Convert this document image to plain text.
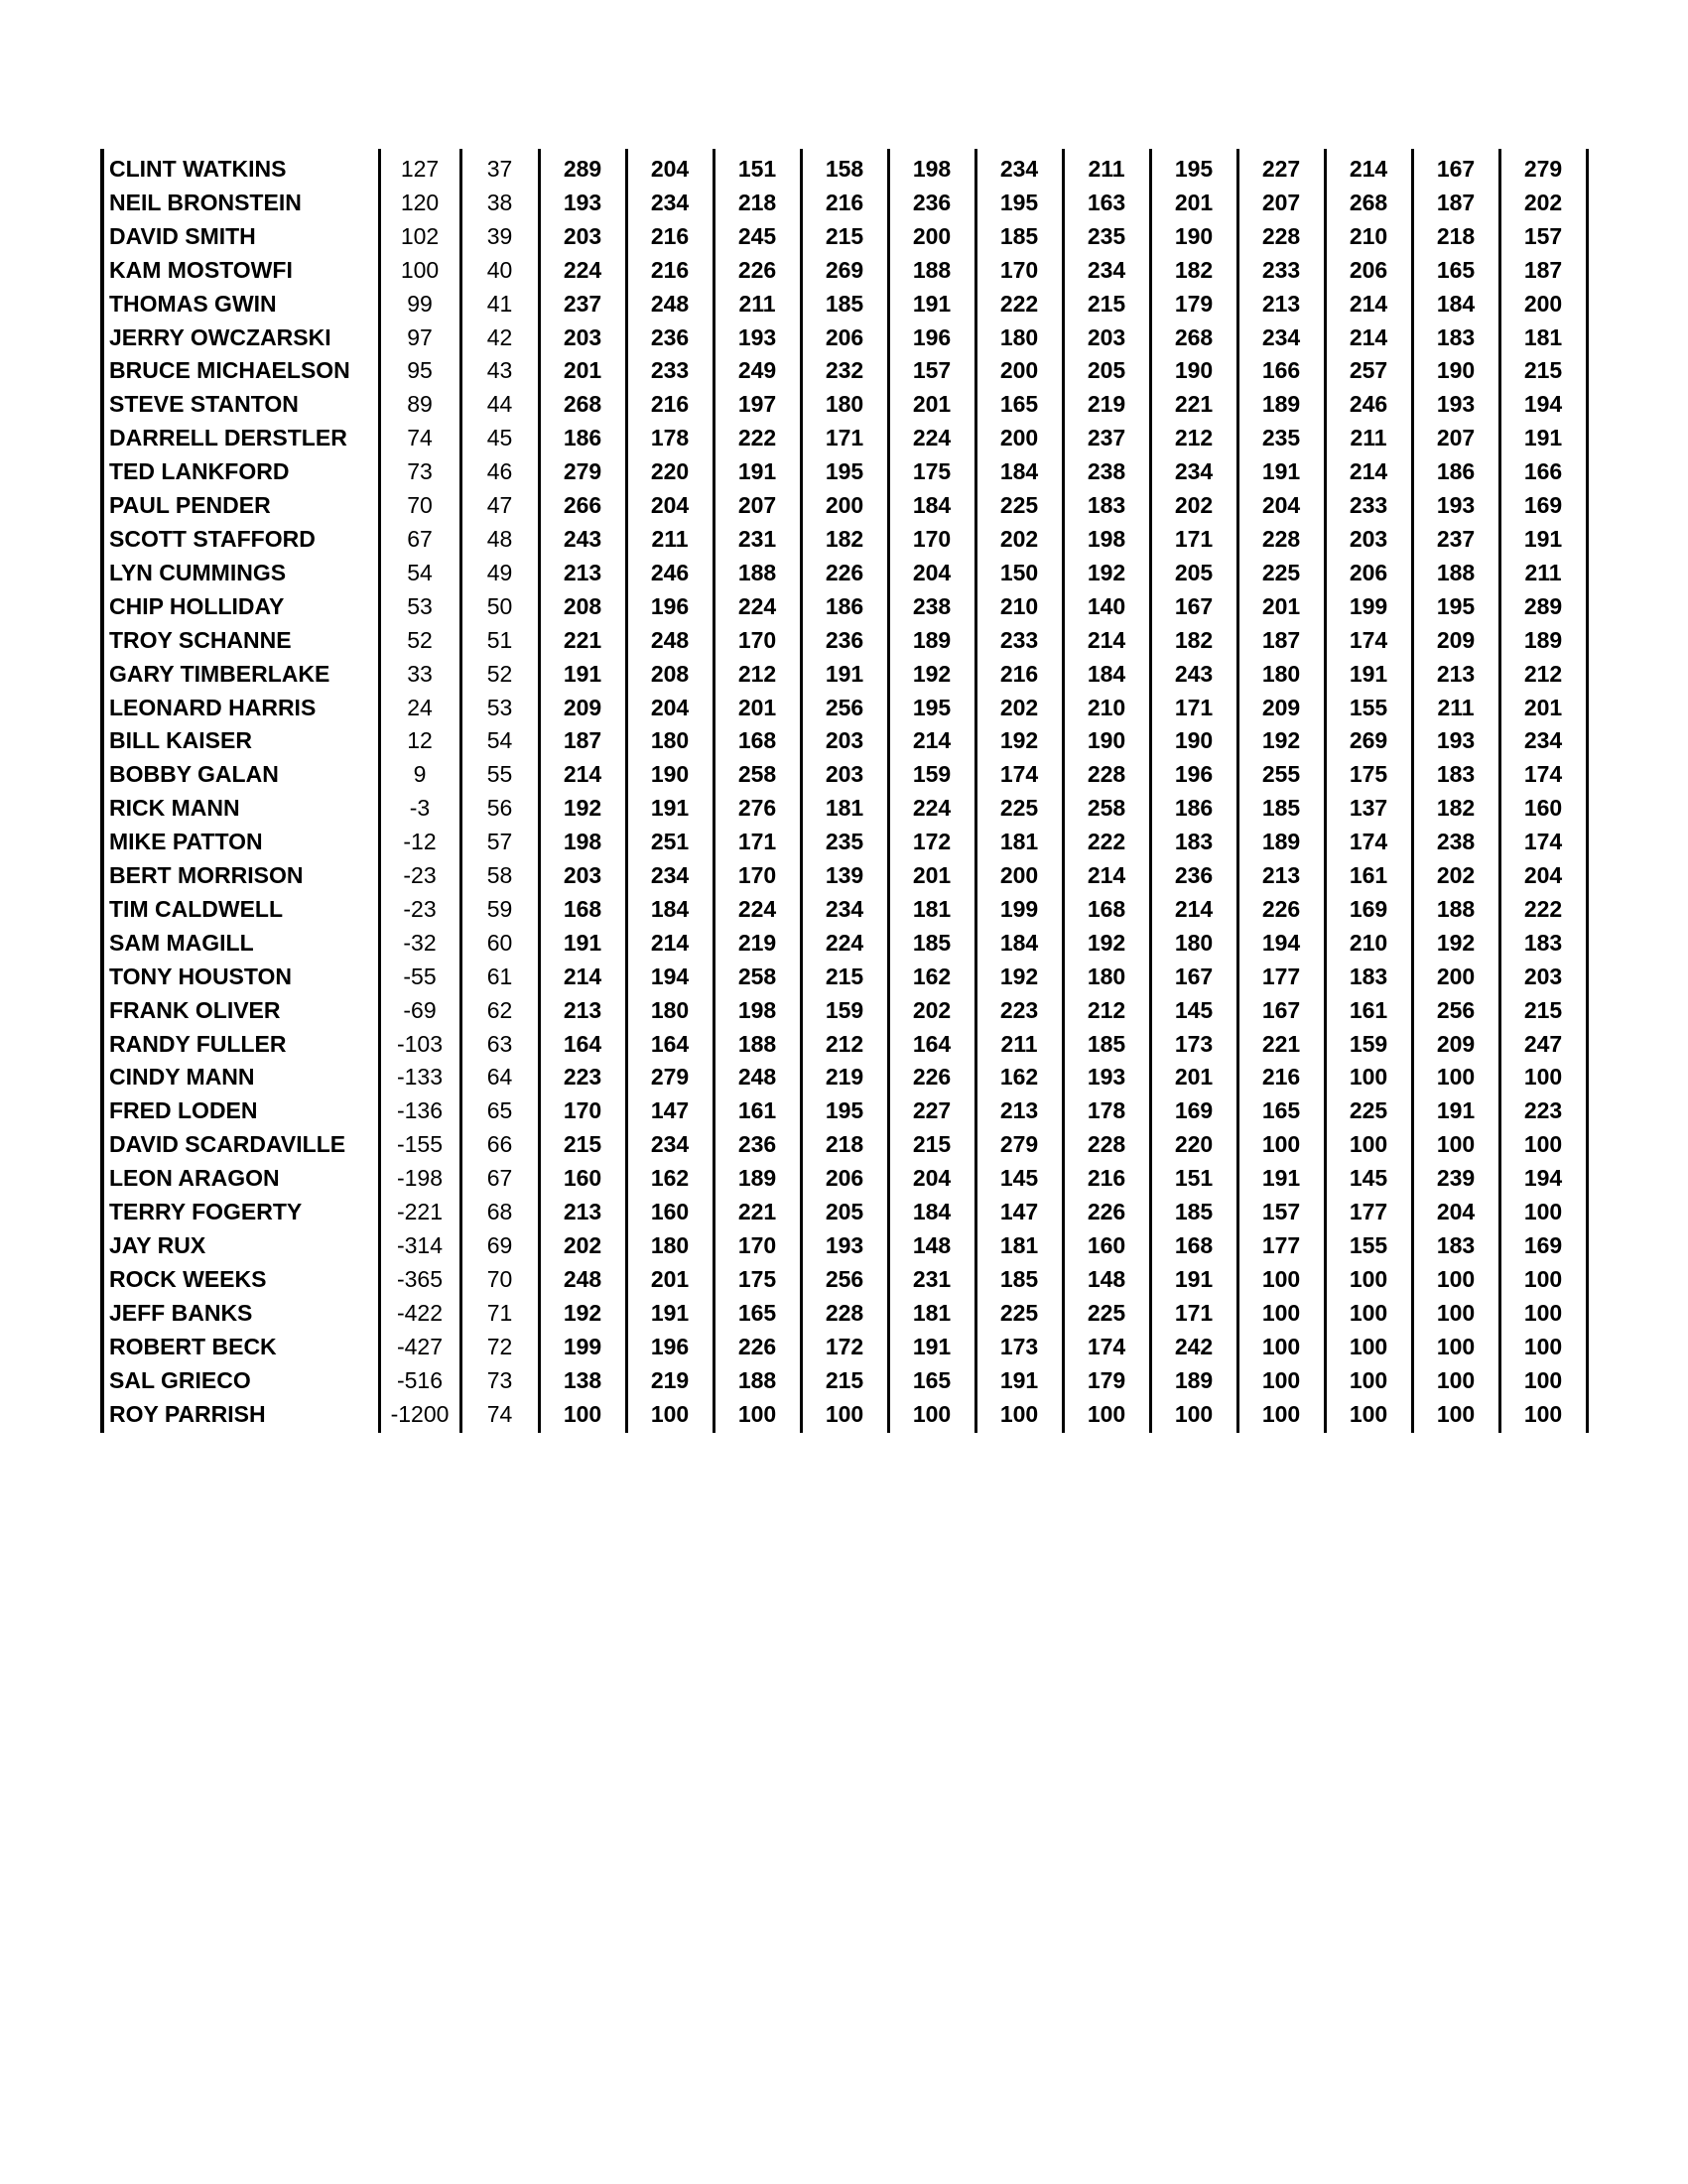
CLINT WATKINS	127	37	289	204	151	158	198	234	211	195	227	214	167	279
NEIL BRONSTEIN	120	38	193	234	218	216	236	195	163	201	207	268	187	202
DAVID SMITH	102	39	203	216	245	215	200	185	235	190	228	210	218	157
KAM MOSTOWFI	100	40	224	216	226	269	188	170	234	182	233	206	165	187
THOMAS GWIN	99	41	237	248	211	185	191	222	215	179	213	214	184	200
JERRY OWCZARSKI	97	42	203	236	193	206	196	180	203	268	234	214	183	181
BRUCE MICHAELSON	95	43	201	233	249	232	157	200	205	190	166	257	190	215
STEVE STANTON	89	44	268	216	197	180	201	165	219	221	189	246	193	194
DARRELL DERSTLER	74	45	186	178	222	171	224	200	237	212	235	211	207	191
TED LANKFORD	73	46	279	220	191	195	175	184	238	234	191	214	186	166
PAUL PENDER	70	47	266	204	207	200	184	225	183	202	204	233	193	169
SCOTT STAFFORD	67	48	243	211	231	182	170	202	198	171	228	203	237	191
LYN CUMMINGS	54	49	213	246	188	226	204	150	192	205	225	206	188	211
CHIP HOLLIDAY	53	50	208	196	224	186	238	210	140	167	201	199	195	289
TROY SCHANNE	52	51	221	248	170	236	189	233	214	182	187	174	209	189
GARY TIMBERLAKE	33	52	191	208	212	191	192	216	184	243	180	191	213	212
LEONARD HARRIS	24	53	209	204	201	256	195	202	210	171	209	155	211	201
BILL KAISER	12	54	187	180	168	203	214	192	190	190	192	269	193	234
BOBBY GALAN	9	55	214	190	258	203	159	174	228	196	255	175	183	174
RICK MANN	-3	56	192	191	276	181	224	225	258	186	185	137	182	160
MIKE PATTON	-12	57	198	251	171	235	172	181	222	183	189	174	238	174
BERT MORRISON	-23	58	203	234	170	139	201	200	214	236	213	161	202	204
TIM CALDWELL	-23	59	168	184	224	234	181	199	168	214	226	169	188	222
SAM MAGILL	-32	60	191	214	219	224	185	184	192	180	194	210	192	183
TONY HOUSTON	-55	61	214	194	258	215	162	192	180	167	177	183	200	203
FRANK OLIVER	-69	62	213	180	198	159	202	223	212	145	167	161	256	215
RANDY FULLER	-103	63	164	164	188	212	164	211	185	173	221	159	209	247
CINDY MANN	-133	64	223	279	248	219	226	162	193	201	216	100	100	100
FRED LODEN	-136	65	170	147	161	195	227	213	178	169	165	225	191	223
DAVID SCARDAVILLE	-155	66	215	234	236	218	215	279	228	220	100	100	100	100
LEON ARAGON	-198	67	160	162	189	206	204	145	216	151	191	145	239	194
TERRY FOGERTY	-221	68	213	160	221	205	184	147	226	185	157	177	204	100
JAY RUX	-314	69	202	180	170	193	148	181	160	168	177	155	183	169
ROCK WEEKS	-365	70	248	201	175	256	231	185	148	191	100	100	100	100
JEFF BANKS	-422	71	192	191	165	228	181	225	225	171	100	100	100	100
ROBERT BECK	-427	72	199	196	226	172	191	173	174	242	100	100	100	100
SAL GRIECO	-516	73	138	219	188	215	165	191	179	189	100	100	100	100
ROY PARRISH	-1200	74	100	100	100	100	100	100	100	100	100	100	100	100
